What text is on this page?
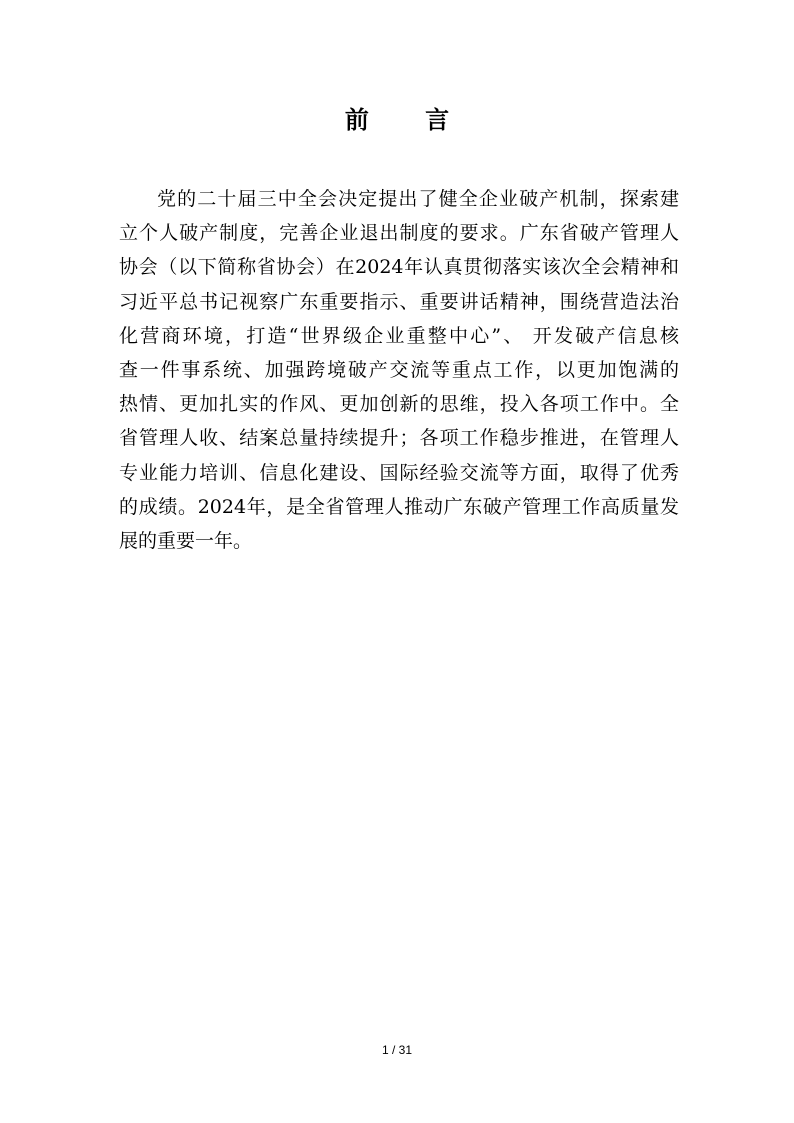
前 言
党的二十届三中全会决定提出了健全企业破产机制，探索建
立个人破产制度，完善企业退出制度的要求。广东省破产管理人
协会（以下简称省协会）在2024年认真贯彻落实该次全会精神和
习近平总书记视察广东重要指示、重要讲话精神，围绕营造法治
化营商环境，打造“世界级企业重整中心”、 开发破产信息核
查一件事系统、加强跨境破产交流等重点工作，以更加饱满的
热情、更加扎实的作风、更加创新的思维，投入各项工作中。全
省管理人收、结案总量持续提升；各项工作稳步推进，在管理人
专业能力培训、信息化建设、国际经验交流等方面，取得了优秀
的成绩。2024年，是全省管理人推动广东破产管理工作高质量发
展的重要一年。
1 / 31
